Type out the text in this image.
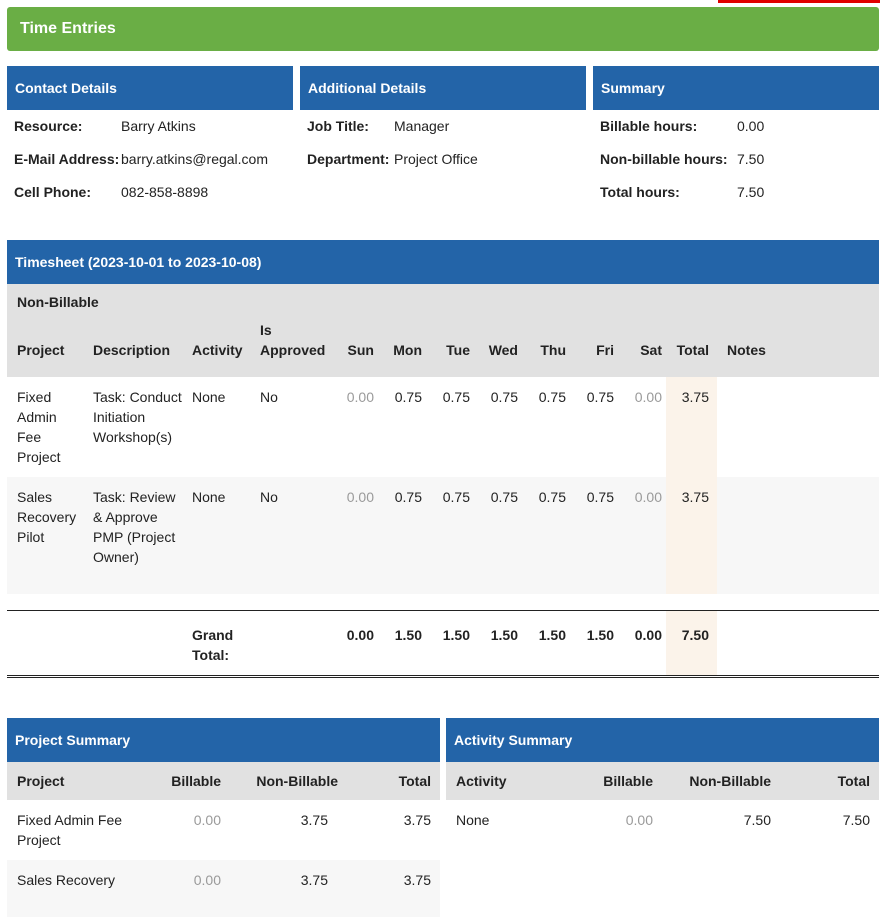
Time Entries
Contact Details
Resource:	Barry Atkins
E-Mail Address: barry.atkins@regal.com
Cell Phone:	082-858-8898
Additional Details
Job Title:	Manager
Department: Project Office
Summary
Billable hours:	0.00
Non-billable hours: 7.50
Total hours:	7.50
Timesheet (2023-10-01 to 2023-10-08)
Non-Billable
Project	Description	Activity	Is Approved	Sun	Mon	Tue	Wed	Thu	Fri	Sat	Total	Notes
Fixed Admin Fee Project	Task: Conduct Initiation Workshop(s)	None	No	0.00	0.75	0.75	0.75	0.75	0.75	0.00	3.75	
Sales Recovery Pilot	Task: Review & Approve PMP (Project Owner)	None	No	0.00	0.75	0.75	0.75	0.75	0.75	0.00	3.75	
		Grand Total:		0.00	1.50	1.50	1.50	1.50	1.50	0.00	7.50	
Project Summary
Project	Billable	Non-Billable	Total
Fixed Admin Fee Project	0.00	3.75	3.75
Sales Recovery	0.00	3.75	3.75
Activity Summary
Activity	Billable	Non-Billable	Total
None	0.00	7.50	7.50
